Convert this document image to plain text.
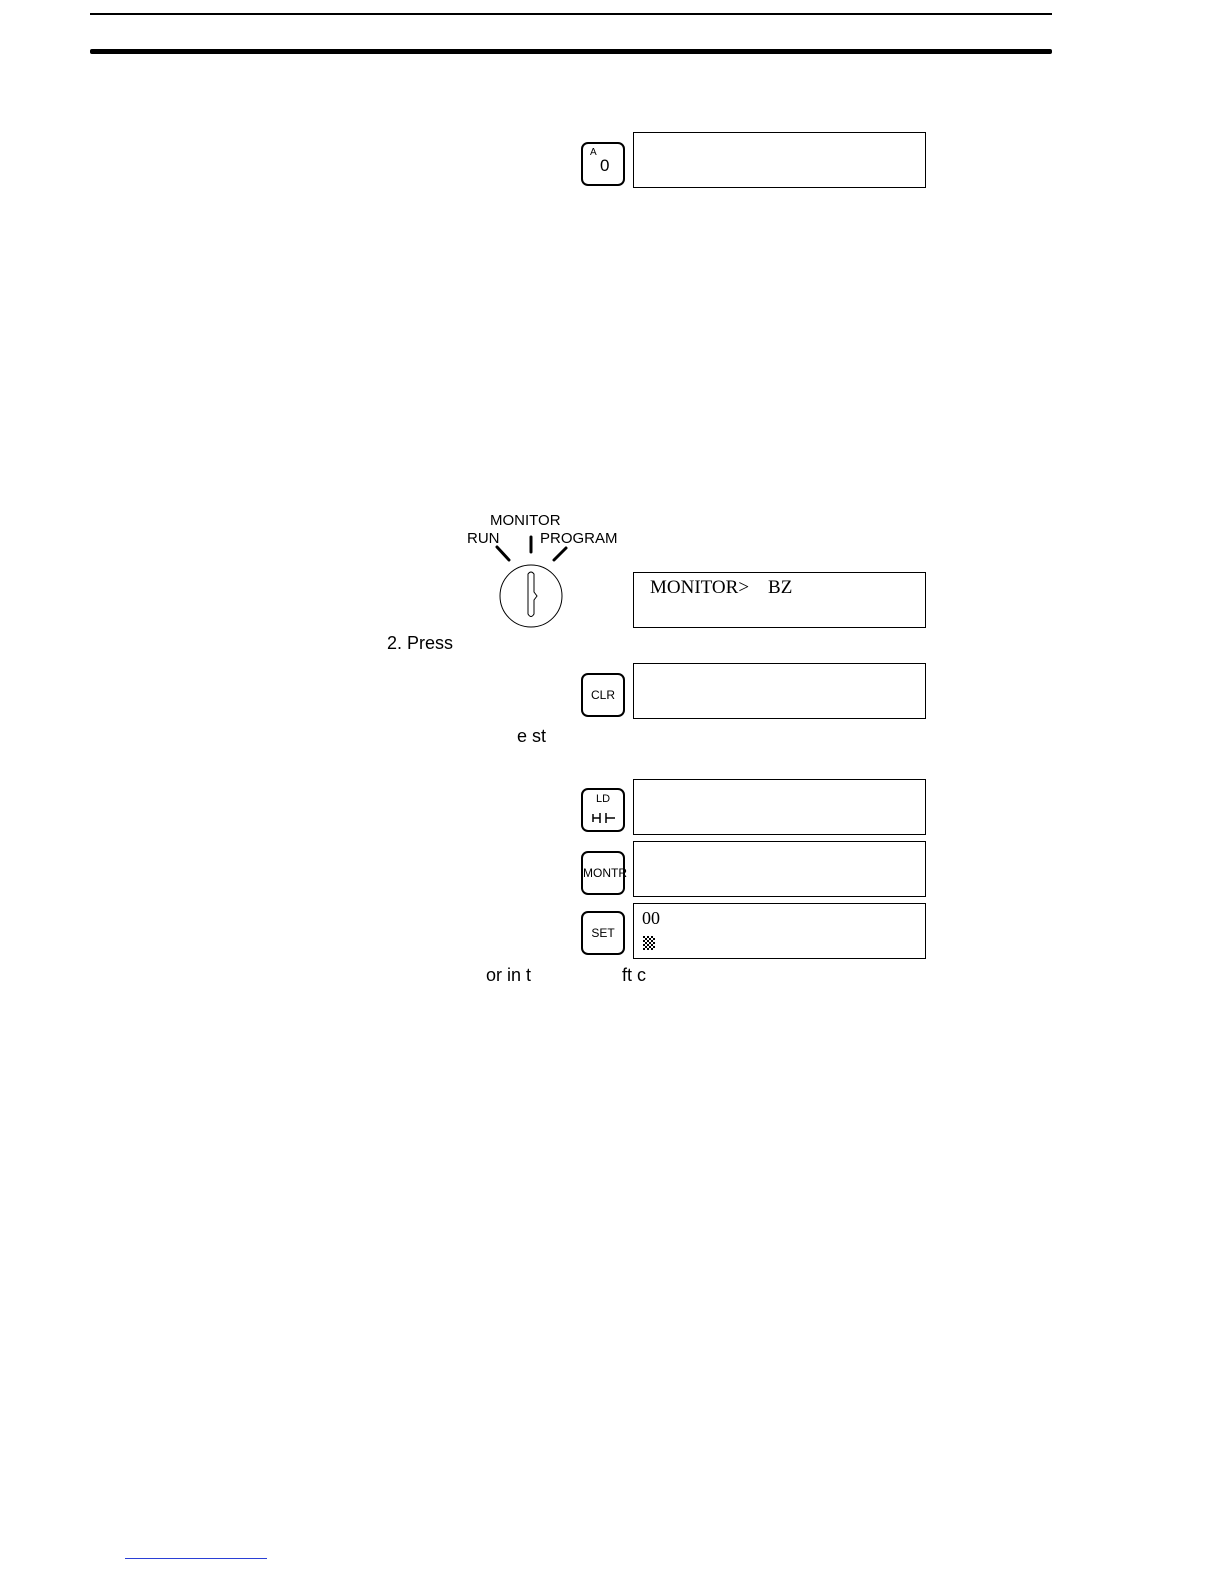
A
0
MONITOR
RUN	PROGRAM
MONITOR>    BZ
2. Press
CLR
e st
LD
MONTR
SET
00
or in t	ft c
